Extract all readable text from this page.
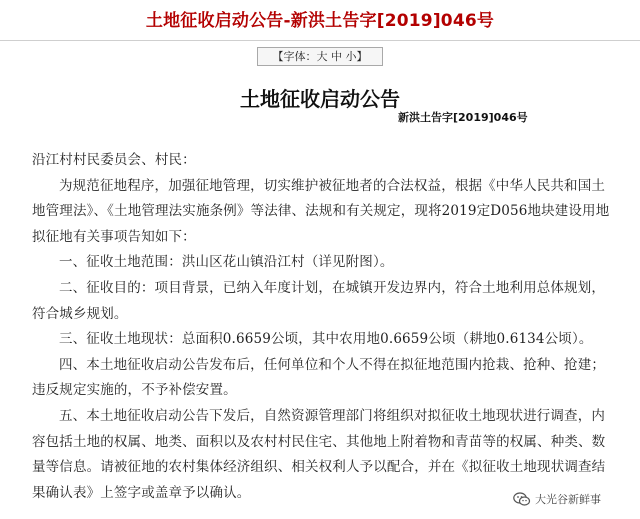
土地征收启动公告-新洪土告字[2019]046号
【字体：大 中 小】
土地征收启动公告
新洪土告字[2019]046号

沿江村村民委员会、村民：

为规范征地程序，加强征地管理，切实维护被征地者的合法权益，根据《中华人民共和国土地管理法》、《土地管理法实施条例》等法律、法规和有关规定，现将2019定D056地块建设用地拟征地有关事项告知如下：

一、征收土地范围：洪山区花山镇沿江村（详见附图）。

二、征收目的：项目背景，已纳入年度计划，在城镇开发边界内，符合土地利用总体规划，符合城乡规划。

三、征收土地现状：总面积0.6659公顷，其中农用地0.6659公顷（耕地0.6134公顷）。

四、本土地征收启动公告发布后，任何单位和个人不得在拟征地范围内抢栽、抢种、抢建；违反规定实施的，不予补偿安置。

五、本土地征收启动公告下发后，自然资源管理部门将组织对拟征收土地现状进行调查，内容包括土地的权属、地类、面积以及农村村民住宅、其他地上附着物和青苗等的权属、种类、数量等信息。请被征地的农村集体经济组织、相关权利人予以配合，并在《拟征收土地现状调查结果确认表》上签字或盖章予以确认。	大光谷新鲜事
